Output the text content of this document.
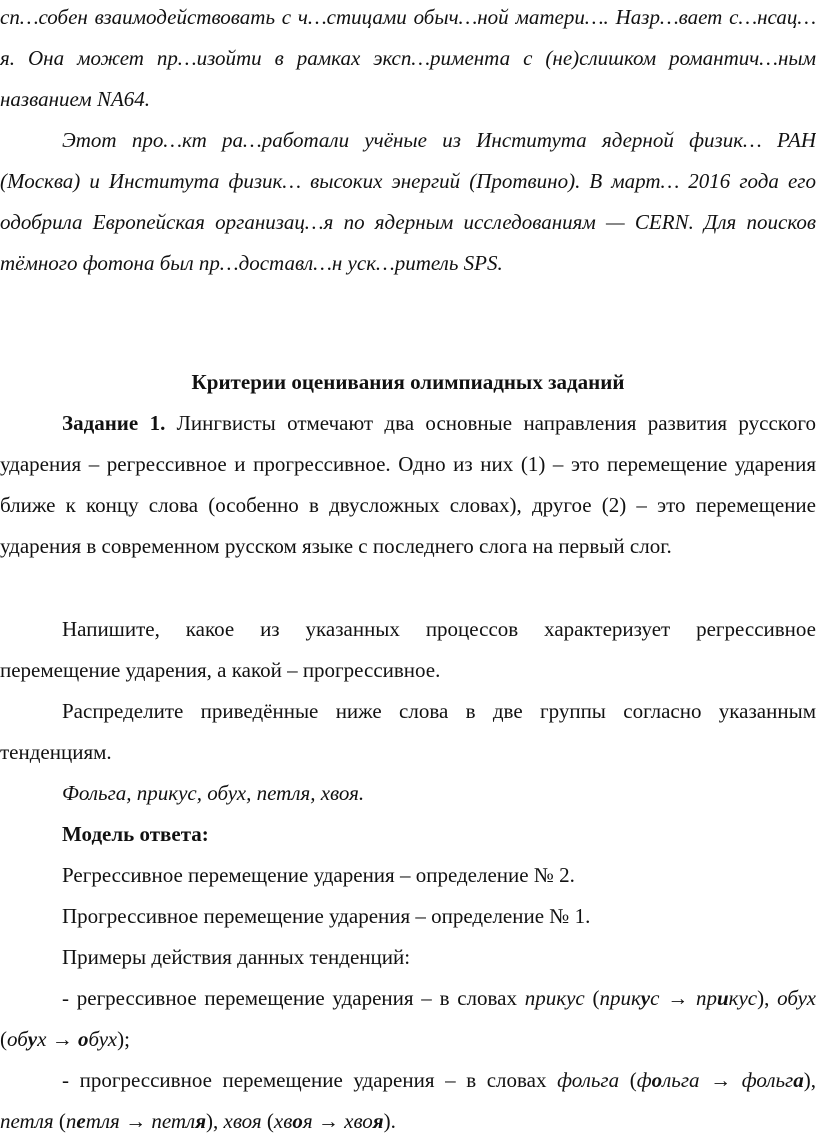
сп…собен взаимодействовать с ч…стицами обыч…ной матери…. Назр…вает с…нсац…я. Она может пр…изойти в рамках эксп…римента с (не)слишком романтич…ным названием NA64.

Этот про…кт ра…работали учёные из Института ядерной физик… РАН (Москва) и Института физик… высоких энергий (Протвино). В март… 2016 года его одобрила Европейская организац…я по ядерным исследованиям — CERN. Для поисков тёмного фотона был пр…доставл…н уск…ритель SPS.

Критерии оценивания олимпиадных заданий

Задание 1. Лингвисты отмечают два основные направления развития русского ударения – регрессивное и прогрессивное. Одно из них (1) – это перемещение ударения ближе к концу слова (особенно в двусложных словах), другое (2) – это перемещение ударения в современном русском языке с последнего слога на первый слог.

Напишите, какое из указанных процессов характеризует регрессивное перемещение ударения, а какой – прогрессивное.

Распределите приведённые ниже слова в две группы согласно указанным тенденциям.

Фольга, прикус, обух, петля, хвоя.

Модель ответа:

Регрессивное перемещение ударения – определение № 2.

Прогрессивное перемещение ударения – определение № 1.

Примеры действия данных тенденций:

- регрессивное перемещение ударения – в словах прикус (прикус → прикус), обух (обух → обух);

- прогрессивное перемещение ударения – в словах фольга (фольга → фольга), петля (петля → петля), хвоя (хвоя → хвоя).
